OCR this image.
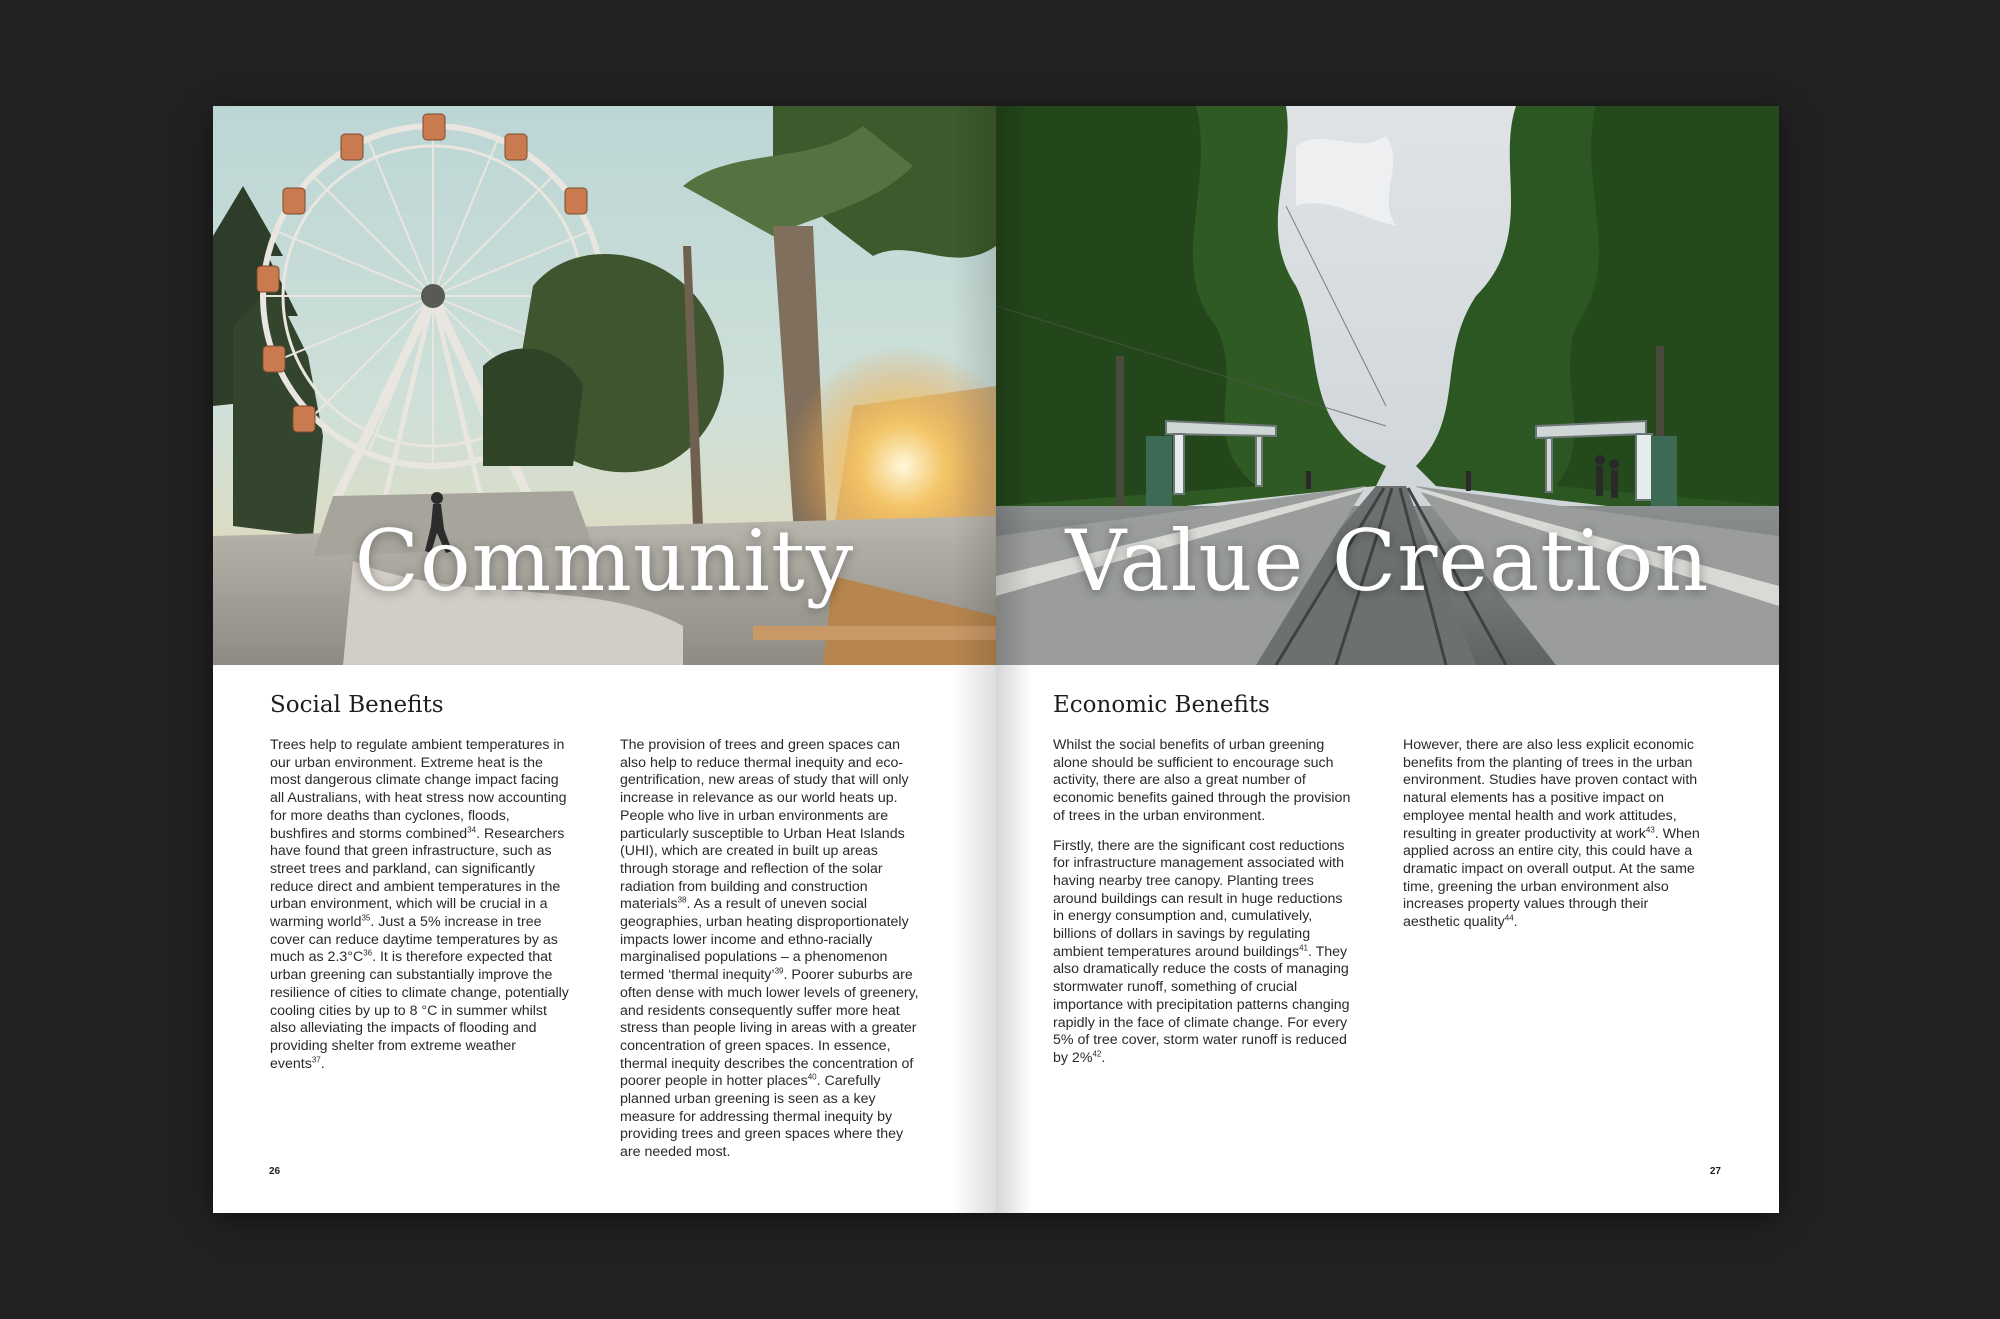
Community
Social Benefits

Trees help to regulate ambient temperatures in our urban environment. Extreme heat is the most dangerous climate change impact facing all Australians, with heat stress now accounting for more deaths than cyclones, floods, bushfires and storms combined$^{34}$. Researchers have found that green infrastructure, such as street trees and parkland, can significantly reduce direct and ambient temperatures in the urban environment, which will be crucial in a warming world$^{35}$. Just a 5% increase in tree cover can reduce daytime temperatures by as much as $2.3^\circ C^{36}$. It is therefore expected that urban greening can substantially improve the resilience of cities to climate change, potentially cooling cities by up to 8 °C in summer whilst also alleviating the impacts of flooding and providing shelter from extreme weather events$^{37}$.

The provision of trees and green spaces can also help to reduce thermal inequity and eco-gentrification, new areas of study that will only increase in relevance as our world heats up. People who live in urban environments are particularly susceptible to Urban Heat Islands (UHI), which are created in built up areas through storage and reflection of the solar radiation from building and construction materials$^{38}$. As a result of uneven social geographies, urban heating disproportionately impacts lower income and ethno-racially marginalised populations – a phenomenon termed ‘thermal inequity’$^{39}$. Poorer suburbs are often dense with much lower levels of greenery, and residents consequently suffer more heat stress than people living in areas with a greater concentration of green spaces. In essence, thermal inequity describes the concentration of poorer people in hotter places$^{40}$. Carefully planned urban greening is seen as a key measure for addressing thermal inequity by providing trees and green spaces where they are needed most.

26
Value Creation
Economic Benefits

Whilst the social benefits of urban greening alone should be sufficient to encourage such activity, there are also a great number of economic benefits gained through the provision of trees in the urban environment.

Firstly, there are the significant cost reductions for infrastructure management associated with having nearby tree canopy. Planting trees around buildings can result in huge reductions in energy consumption and, cumulatively, billions of dollars in savings by regulating ambient temperatures around buildings$^{41}$. They also dramatically reduce the costs of managing stormwater runoff, something of crucial importance with precipitation patterns changing rapidly in the face of climate change. For every 5% of tree cover, storm water runoff is reduced by 2%$^{42}$.

However, there are also less explicit economic benefits from the planting of trees in the urban environment. Studies have proven contact with natural elements has a positive impact on employee mental health and work attitudes, resulting in greater productivity at work$^{43}$. When applied across an entire city, this could have a dramatic impact on overall output. At the same time, greening the urban environment also increases property values through their aesthetic quality$^{44}$.

27
